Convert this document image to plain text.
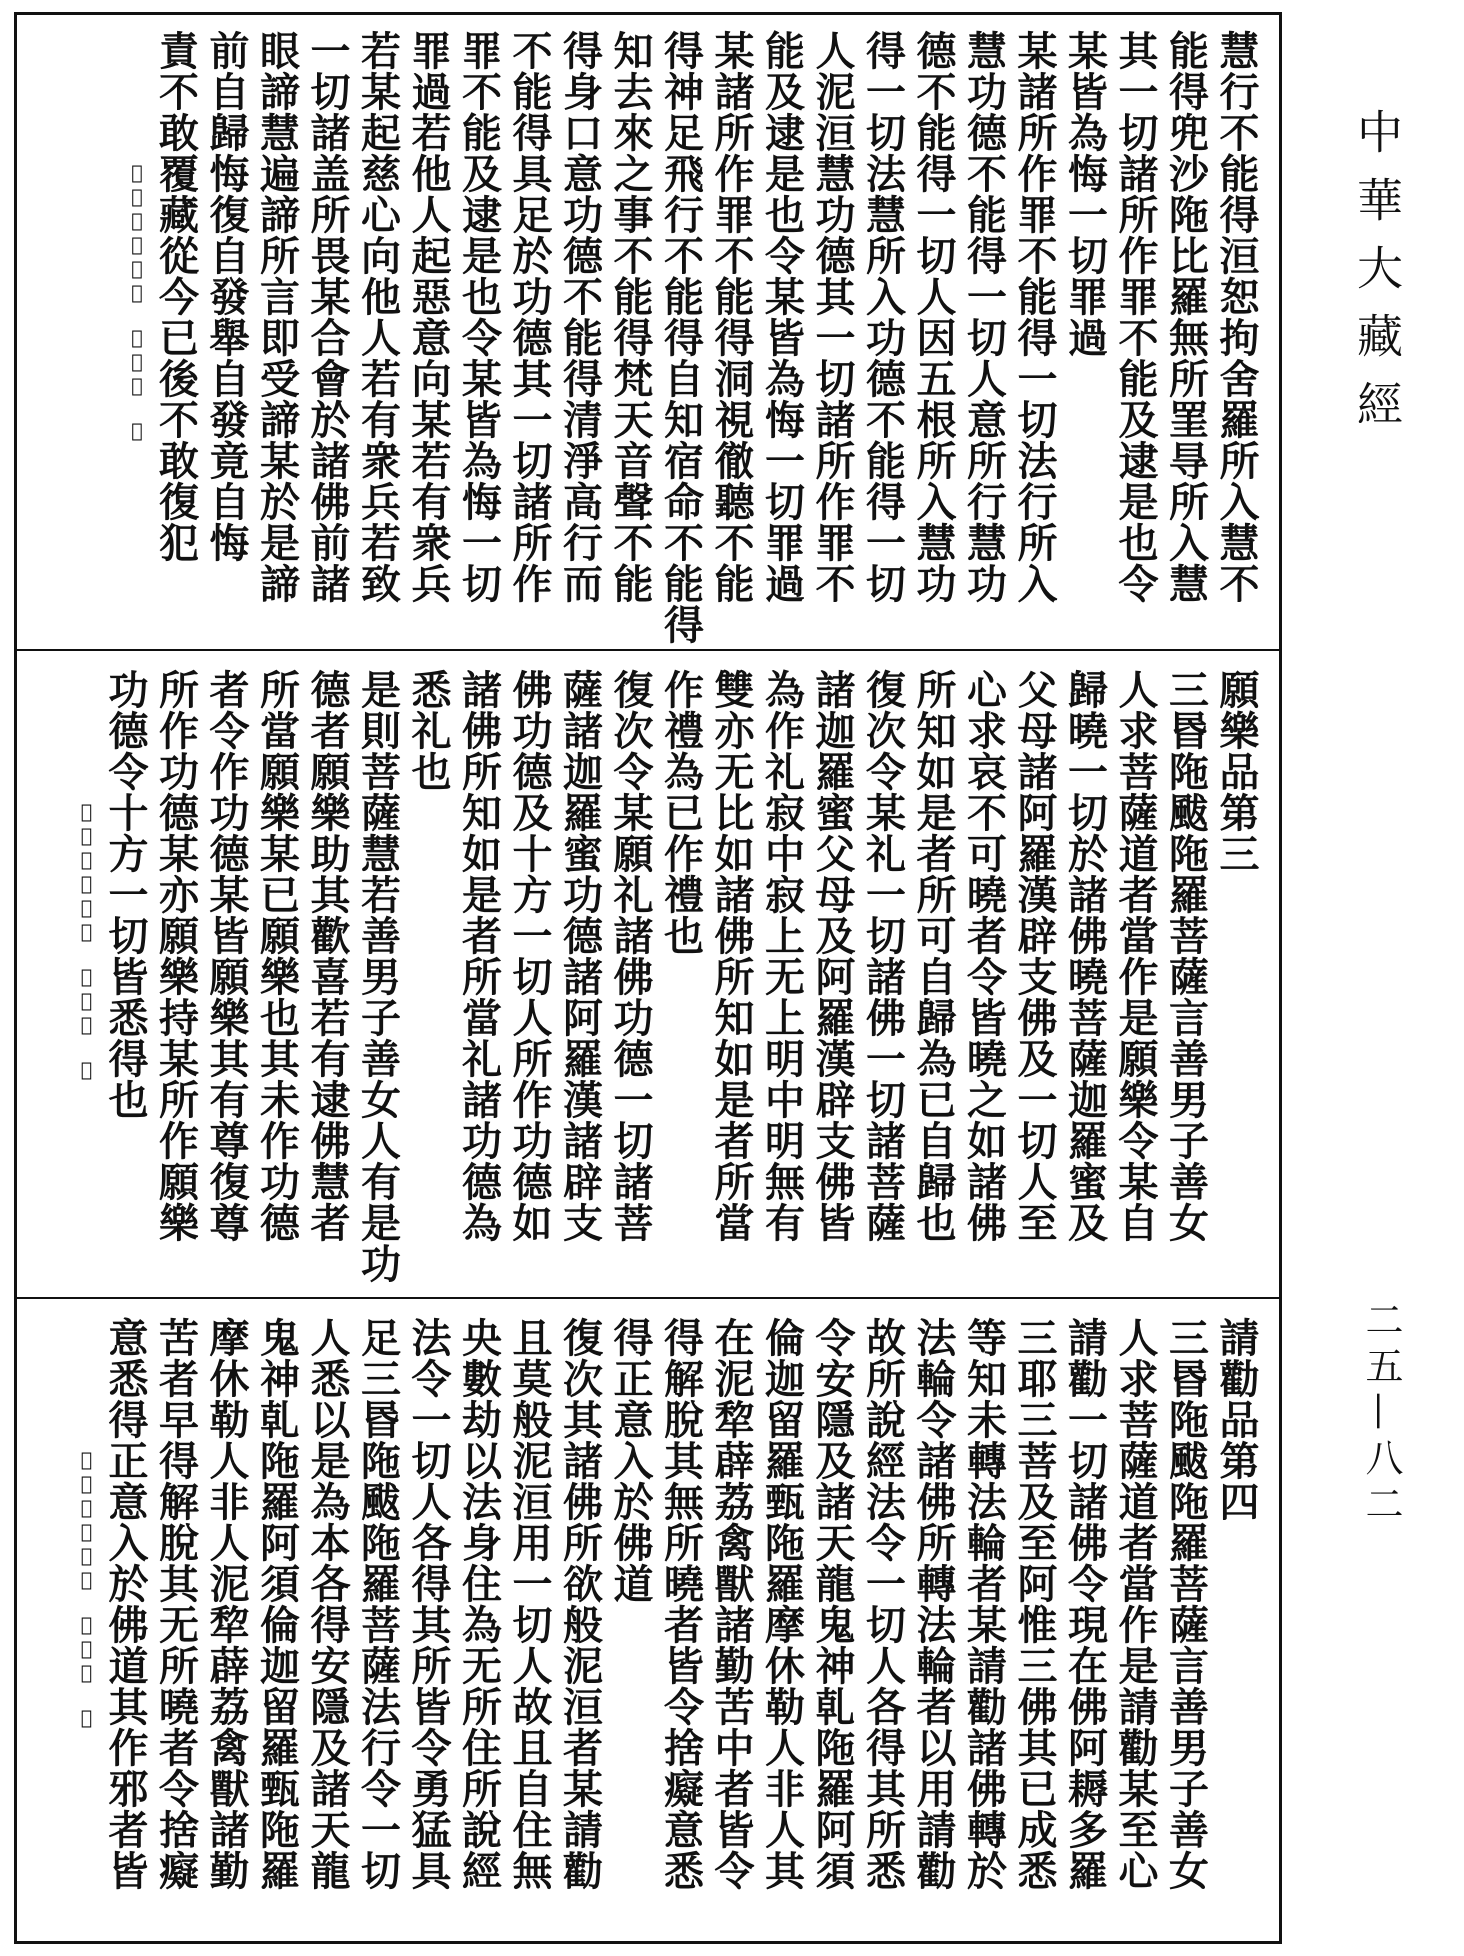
慧行不能得洹恕拘舍羅所入慧不
能得兜沙陁比羅無所罣㝵所入慧
其一切諸所作罪不能及逮是也令
某皆為悔一切罪過
某諸所作罪不能得一切法行所入
慧功德不能得一切人意所行慧功
德不能得一切人因五根所入慧功
得一切法慧所入功德不能得一切
人泥洹慧功德其一切諸所作罪不
能及逮是也令某皆為悔一切罪過
某諸所作罪不能得洞視徹聽不能
得神足飛行不能得自知宿命不能得
知去來之事不能得梵天音聲不能
得身口意功德不能得清淨高行而
不能得具足於功德其一切諸所作
罪不能及逮是也令某皆為悔一切
罪過若他人起惡意向某若有衆兵
若某起慈心向他人若有衆兵若致
一切諸盖所畏某合會於諸佛前諸
眼諦慧遍諦所言即受諦某於是諦
前自歸悔復自發舉自發竟自悔
責不敢覆藏從今已後不敢復犯
𢧐陁羅菩薩經　第四張　念
願樂品第三
三昬陁颰陁羅菩薩言善男子善女
人求菩薩道者當作是願樂令某自
歸曉一切於諸佛曉菩薩迦羅蜜及
父母諸阿羅漢辟支佛及一切人至
心求哀不可曉者令皆曉之如諸佛
所知如是者所可自歸為已自歸也
復次令某礼一切諸佛一切諸菩薩
諸迦羅蜜父母及阿羅漢辟支佛皆
為作礼寂中寂上无上明中明無有
雙亦无比如諸佛所知如是者所當
作禮為已作禮也
復次令某願礼諸佛功德一切諸菩
薩諸迦羅蜜功德諸阿羅漢諸辟支
佛功德及十方一切人所作功德如
諸佛所知如是者所當礼諸功德為
悉礼也
是則菩薩慧若善男子善女人有是功
德者願樂助其歡喜若有逮佛慧者
所當願樂某已願樂也其未作功德
者令作功德某皆願樂其有尊復尊
所作功德某亦願樂持某所作願樂
功德令十方一切皆悉得也
𢧐陁羅菩薩經　第五張　念
請勸品第四
三昬陁颰陁羅菩薩言善男子善女
人求菩薩道者當作是請勸某至心
請勸一切諸佛令現在佛阿耨多羅
三耶三菩及至阿惟三佛其已成悉
等知未轉法輪者某請勸諸佛轉於
法輪令諸佛所轉法輪者以用請勸
故所說經法令一切人各得其所悉
令安隱及諸天龍鬼神乹陁羅阿須
倫迦留羅甄陁羅摩休勒人非人其
在泥犂薜荔禽獸諸勤苦中者皆令
得解脫其無所曉者皆令捨癡意悉
得正意入於佛道
復次其諸佛所欲般泥洹者某請勸
且莫般泥洹用一切人故且自住無
央數劫以法身住為无所住所說經
法令一切人各得其所皆令勇猛具
足三昬陁颰陁羅菩薩法行令一切
人悉以是為本各得安隱及諸天龍
鬼神乹陁羅阿須倫迦留羅甄陁羅
摩休勒人非人泥犂薜荔禽獸諸勤
苦者早得解脫其无所曉者令捨癡
意悉得正意入於佛道其作邪者皆
𢧐陁羅菩薩經　第六張　念
中華大藏經
二五—八二
